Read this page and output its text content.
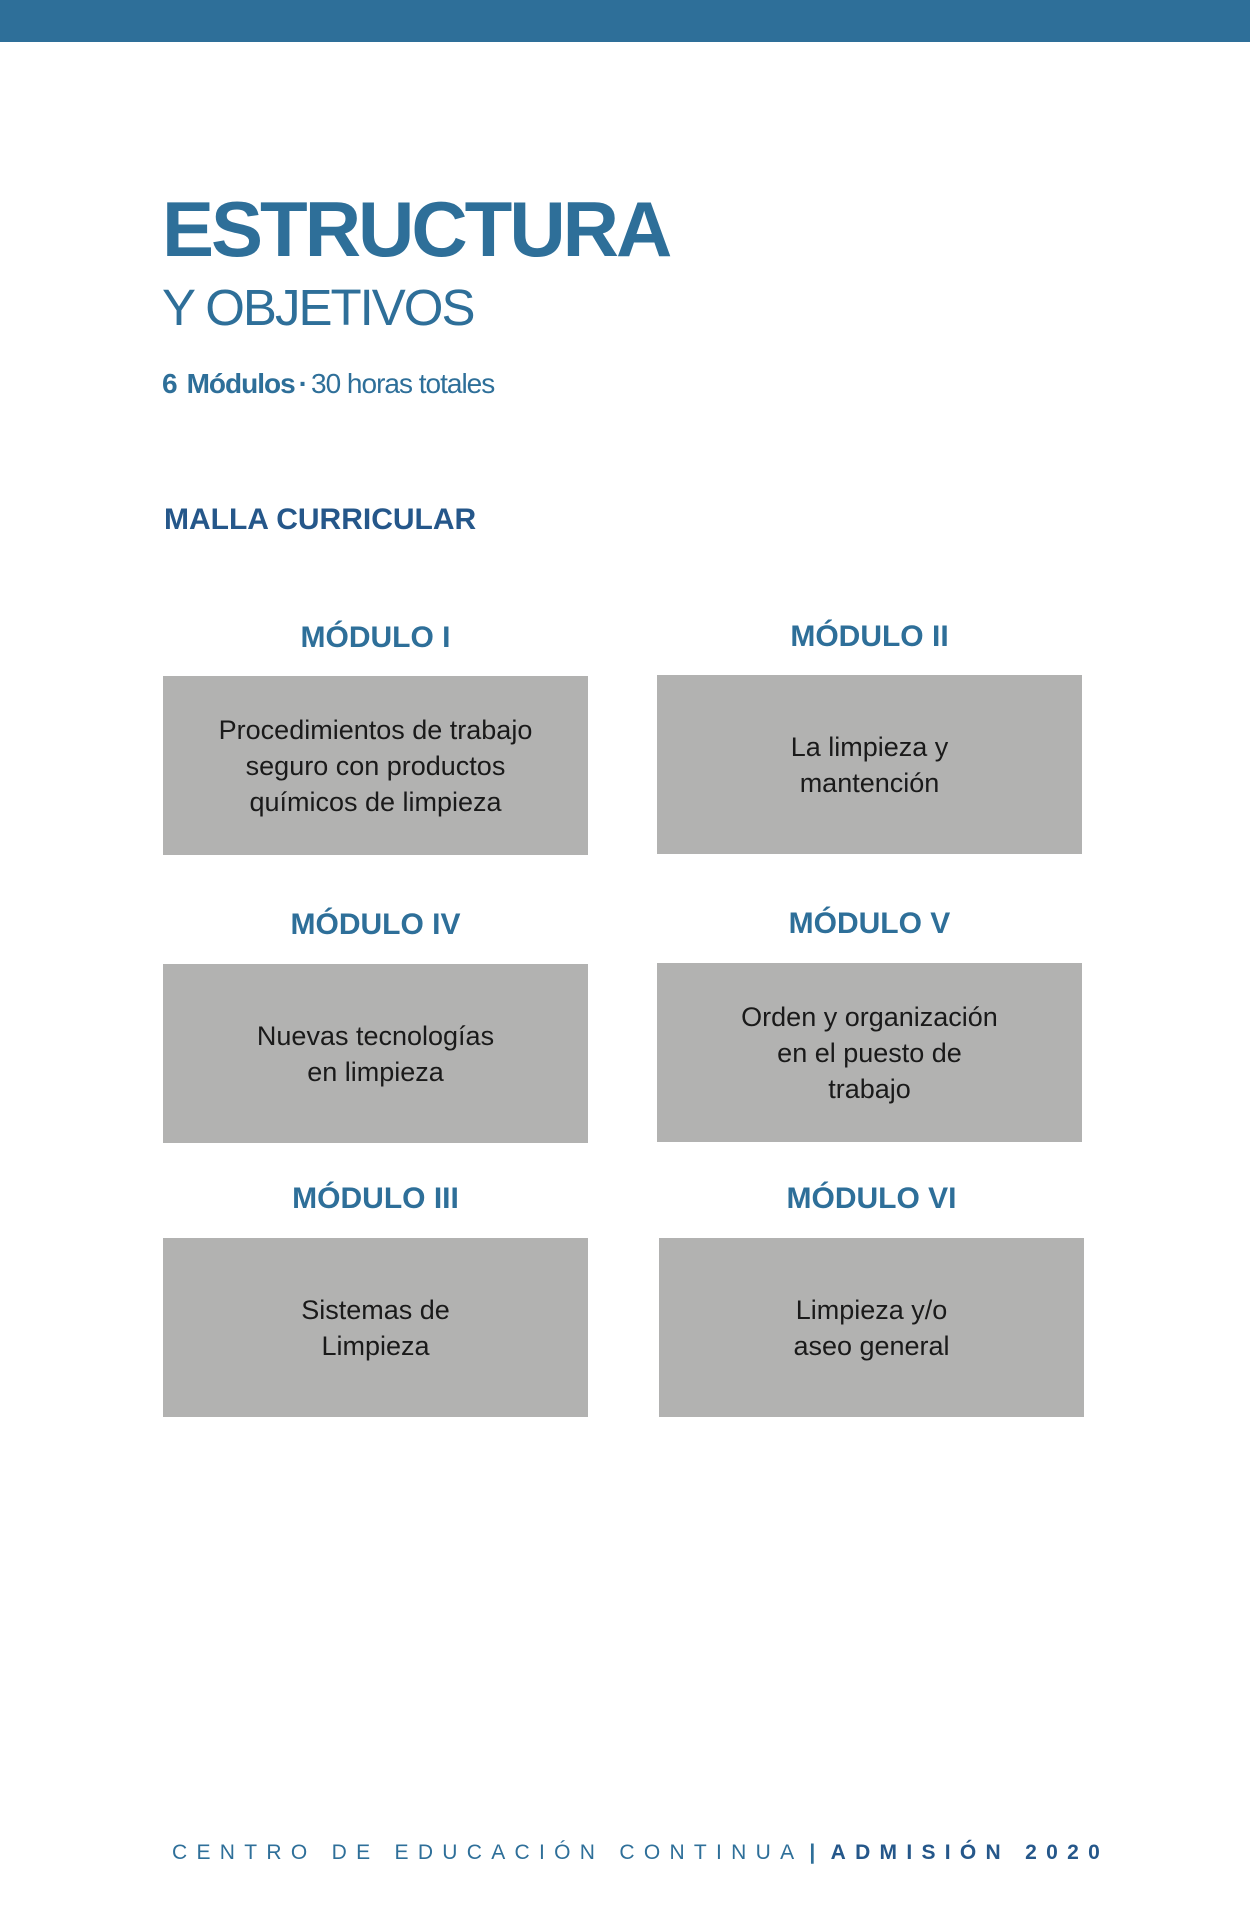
ESTRUCTURA
Y OBJETIVOS
6 Módulos · 30 horas totales
MALLA CURRICULAR
MÓDULO I
Procedimientos de trabajo
seguro con productos
químicos de limpieza
MÓDULO II
La limpieza y
mantención
MÓDULO IV
Nuevas tecnologías
en limpieza
MÓDULO V
Orden y organización
en el puesto de
trabajo
MÓDULO III
Sistemas de
Limpieza
MÓDULO VI
Limpieza y/o
aseo general
CENTRO DE EDUCACIÓN CONTINUA | ADMISIÓN 2020
